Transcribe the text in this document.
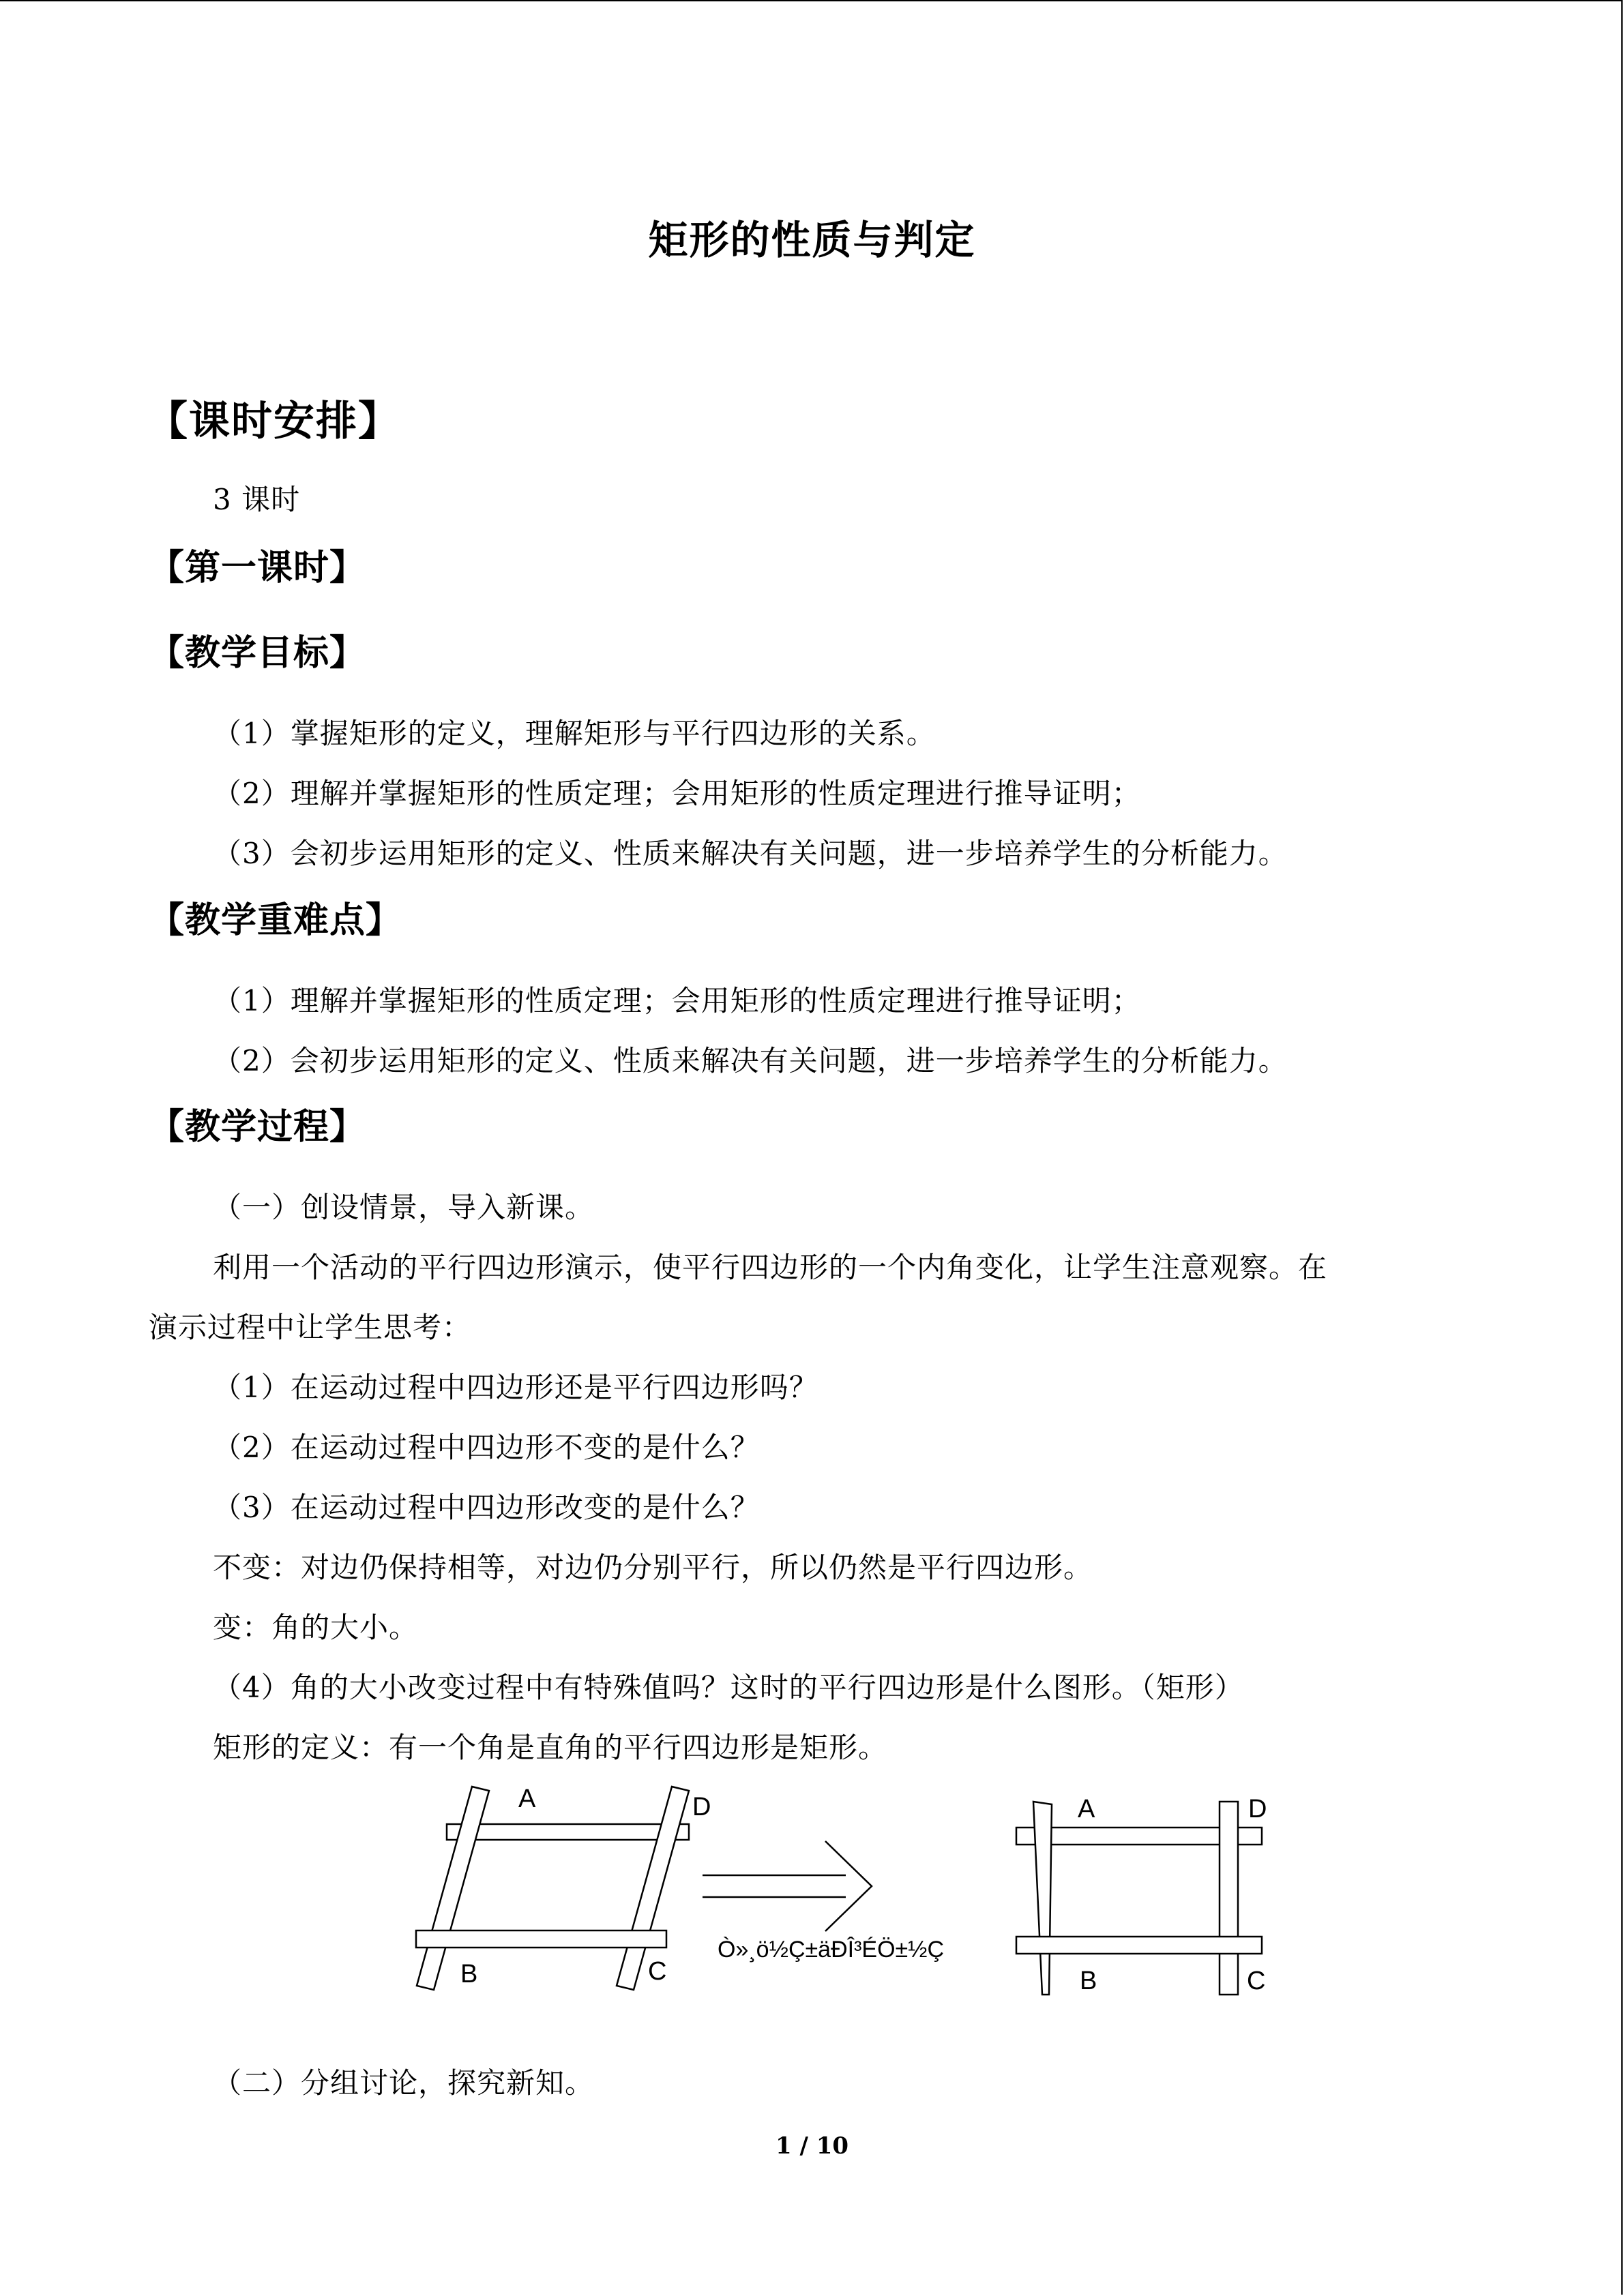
矩形的性质与判定
【课时安排】
3 课时
【第一课时】
【教学目标】
（1）掌握矩形的定义，理解矩形与平行四边形的关系。
（2）理解并掌握矩形的性质定理；会用矩形的性质定理进行推导证明；
（3）会初步运用矩形的定义、性质来解决有关问题，进一步培养学生的分析能力。
【教学重难点】
（1）理解并掌握矩形的性质定理；会用矩形的性质定理进行推导证明；
（2）会初步运用矩形的定义、性质来解决有关问题，进一步培养学生的分析能力。
【教学过程】
（一）创设情景，导入新课。
利用一个活动的平行四边形演示，使平行四边形的一个内角变化，让学生注意观察。在
演示过程中让学生思考：
（1）在运动过程中四边形还是平行四边形吗？
（2）在运动过程中四边形不变的是什么？
（3）在运动过程中四边形改变的是什么？
不变：对边仍保持相等，对边仍分别平行，所以仍然是平行四边形。
变：角的大小。
（4）角的大小改变过程中有特殊值吗？这时的平行四边形是什么图形。（矩形）
矩形的定义：有一个角是直角的平行四边形是矩形。
A	D
B	C
Ò»¸ö½Ç±äÐÎ³ÉÖ±½Ç
A	D
B	C
（二）分组讨论，探究新知。
1 / 10
